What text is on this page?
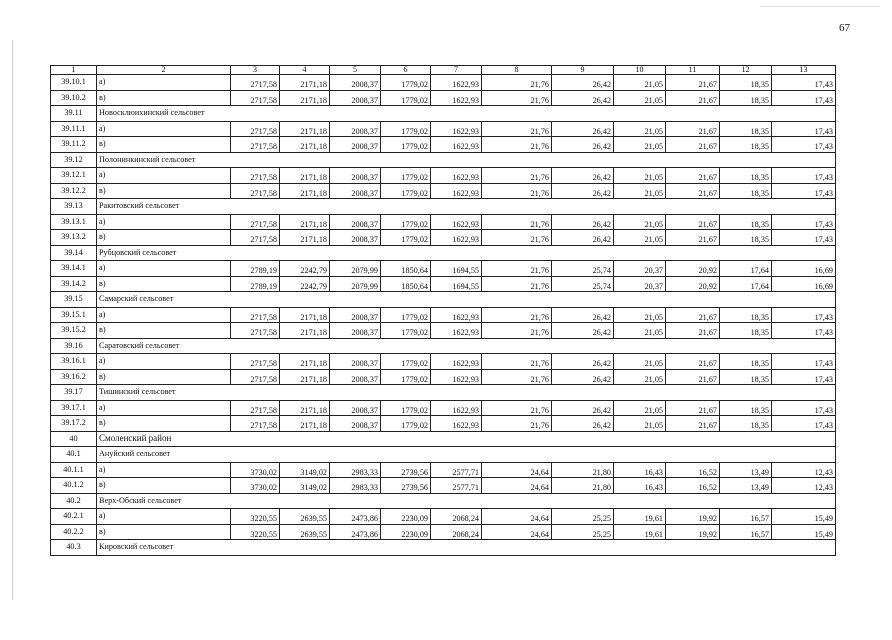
67
1	2	3	4	5	6	7	8	9	10	11	12	13
39.10.1	а)	2717,58	2171,18	2008,37	1779,02	1622,93	21,76	26,42	21,05	21,67	18,35	17,43
39.10.2	в)	2717,58	2171,18	2008,37	1779,02	1622,93	21,76	26,42	21,05	21,67	18,35	17,43
39.11	Новосклюихинский сельсовет											
39.11.1	а)	2717,58	2171,18	2008,37	1779,02	1622,93	21,76	26,42	21,05	21,67	18,35	17,43
39.11.2	в)	2717,58	2171,18	2008,37	1779,02	1622,93	21,76	26,42	21,05	21,67	18,35	17,43
39.12	Полонинкинский сельсовет											
39.12.1	а)	2717,58	2171,18	2008,37	1779,02	1622,93	21,76	26,42	21,05	21,67	18,35	17,43
39.12.2	в)	2717,58	2171,18	2008,37	1779,02	1622,93	21,76	26,42	21,05	21,67	18,35	17,43
39.13	Ракитовский сельсовет											
39.13.1	а)	2717,58	2171,18	2008,37	1779,02	1622,93	21,76	26,42	21,05	21,67	18,35	17,43
39.13.2	в)	2717,58	2171,18	2008,37	1779,02	1622,93	21,76	26,42	21,05	21,67	18,35	17,43
39.14	Рубцовский сельсовет											
39.14.1	а)	2789,19	2242,79	2079,99	1850,64	1694,55	21,76	25,74	20,37	20,92	17,64	16,69
39.14.2	в)	2789,19	2242,79	2079,99	1850,64	1694,55	21,76	25,74	20,37	20,92	17,64	16,69
39.15	Самарский сельсовет											
39.15.1	а)	2717,58	2171,18	2008,37	1779,02	1622,93	21,76	26,42	21,05	21,67	18,35	17,43
39.15.2	в)	2717,58	2171,18	2008,37	1779,02	1622,93	21,76	26,42	21,05	21,67	18,35	17,43
39.16	Саратовский сельсовет											
39.16.1	а)	2717,58	2171,18	2008,37	1779,02	1622,93	21,76	26,42	21,05	21,67	18,35	17,43
39.16.2	в)	2717,58	2171,18	2008,37	1779,02	1622,93	21,76	26,42	21,05	21,67	18,35	17,43
39.17	Тишинский сельсовет											
39.17.1	а)	2717,58	2171,18	2008,37	1779,02	1622,93	21,76	26,42	21,05	21,67	18,35	17,43
39.17.2	в)	2717,58	2171,18	2008,37	1779,02	1622,93	21,76	26,42	21,05	21,67	18,35	17,43
40	Смоленский район											
40.1	Ануйский сельсовет											
40.1.1	а)	3730,02	3149,02	2983,33	2739,56	2577,71	24,64	21,80	16,43	16,52	13,49	12,43
40.1.2	в)	3730,02	3149,02	2983,33	2739,56	2577,71	24,64	21,80	16,43	16,52	13,49	12,43
40.2	Верх-Обский сельсовет											
40.2.1	а)	3220,55	2639,55	2473,86	2230,09	2068,24	24,64	25,25	19,61	19,92	16,57	15,49
40.2.2	в)	3220,55	2639,55	2473,86	2230,09	2068,24	24,64	25,25	19,61	19,92	16,57	15,49
40.3	Кировский сельсовет											
